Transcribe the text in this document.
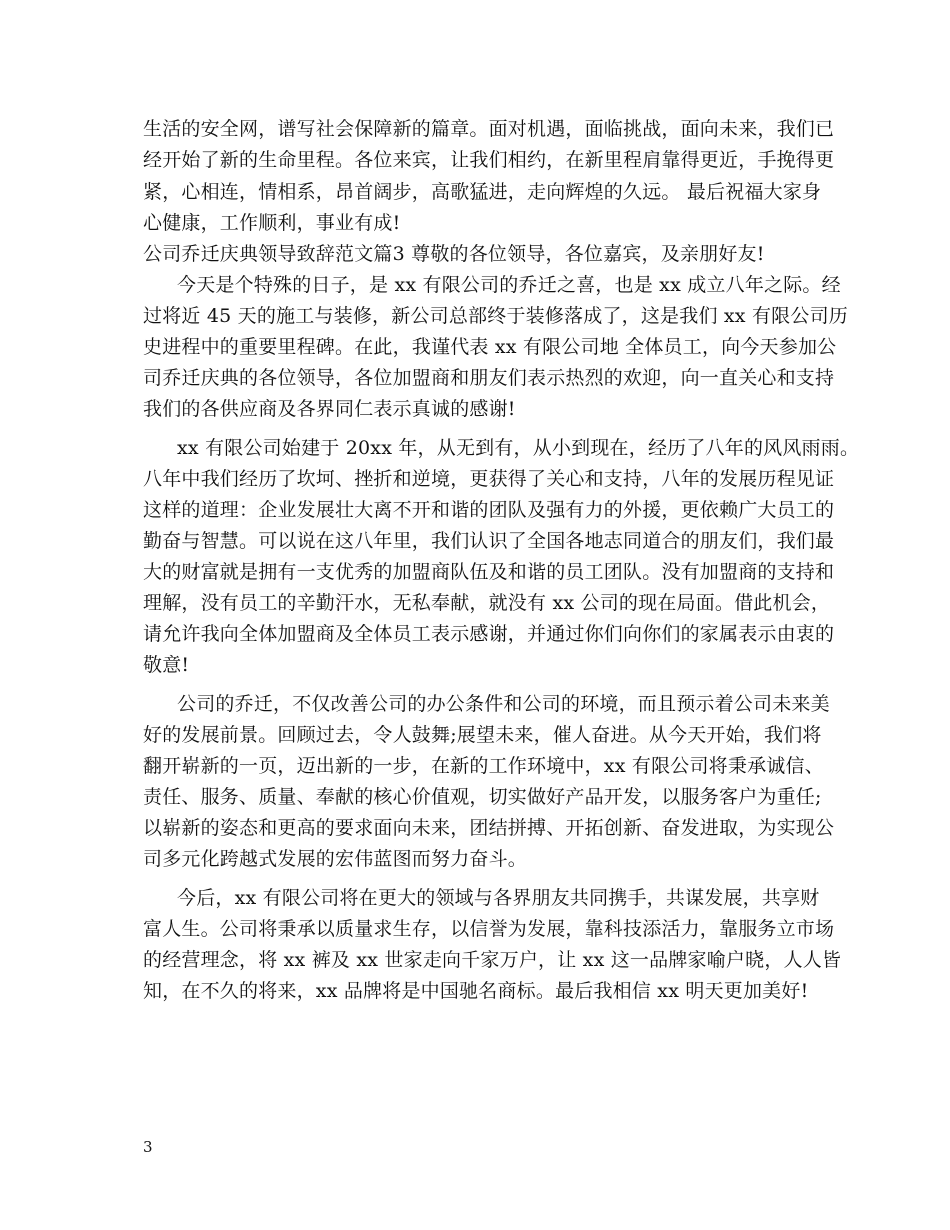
生活的安全网，谱写社会保障新的篇章。面对机遇，面临挑战，面向未来，我们已
经开始了新的生命里程。各位来宾，让我们相约，在新里程肩靠得更近，手挽得更
紧，心相连，情相系，昂首阔步，高歌猛进，走向辉煌的久远。 最后祝福大家身
心健康，工作顺利，事业有成!
公司乔迁庆典领导致辞范文篇3 尊敬的各位领导，各位嘉宾，及亲朋好友!
今天是个特殊的日子，是 xx 有限公司的乔迁之喜，也是 xx 成立八年之际。经
过将近 45 天的施工与装修，新公司总部终于装修落成了，这是我们 xx 有限公司历
史进程中的重要里程碑。在此，我谨代表 xx 有限公司地 全体员工，向今天参加公
司乔迁庆典的各位领导，各位加盟商和朋友们表示热烈的欢迎，向一直关心和支持
我们的各供应商及各界同仁表示真诚的感谢!
xx 有限公司始建于 20xx 年，从无到有，从小到现在，经历了八年的风风雨雨。
八年中我们经历了坎坷、挫折和逆境，更获得了关心和支持，八年的发展历程见证
这样的道理：企业发展壮大离不开和谐的团队及强有力的外援，更依赖广大员工的
勤奋与智慧。可以说在这八年里，我们认识了全国各地志同道合的朋友们，我们最
大的财富就是拥有一支优秀的加盟商队伍及和谐的员工团队。没有加盟商的支持和
理解，没有员工的辛勤汗水，无私奉献，就没有 xx 公司的现在局面。借此机会，
请允许我向全体加盟商及全体员工表示感谢，并通过你们向你们的家属表示由衷的
敬意!
公司的乔迁，不仅改善公司的办公条件和公司的环境，而且预示着公司未来美
好的发展前景。回顾过去，令人鼓舞;展望未来，催人奋进。从今天开始，我们将
翻开崭新的一页，迈出新的一步，在新的工作环境中，xx 有限公司将秉承诚信、
责任、服务、质量、奉献的核心价值观，切实做好产品开发，以服务客户为重任;
以崭新的姿态和更高的要求面向未来，团结拼搏、开拓创新、奋发进取，为实现公
司多元化跨越式发展的宏伟蓝图而努力奋斗。
今后，xx 有限公司将在更大的领域与各界朋友共同携手，共谋发展，共享财
富人生。公司将秉承以质量求生存，以信誉为发展，靠科技添活力，靠服务立市场
的经营理念，将 xx 裤及 xx 世家走向千家万户，让 xx 这一品牌家喻户晓，人人皆
知，在不久的将来，xx 品牌将是中国驰名商标。最后我相信 xx 明天更加美好!
3
